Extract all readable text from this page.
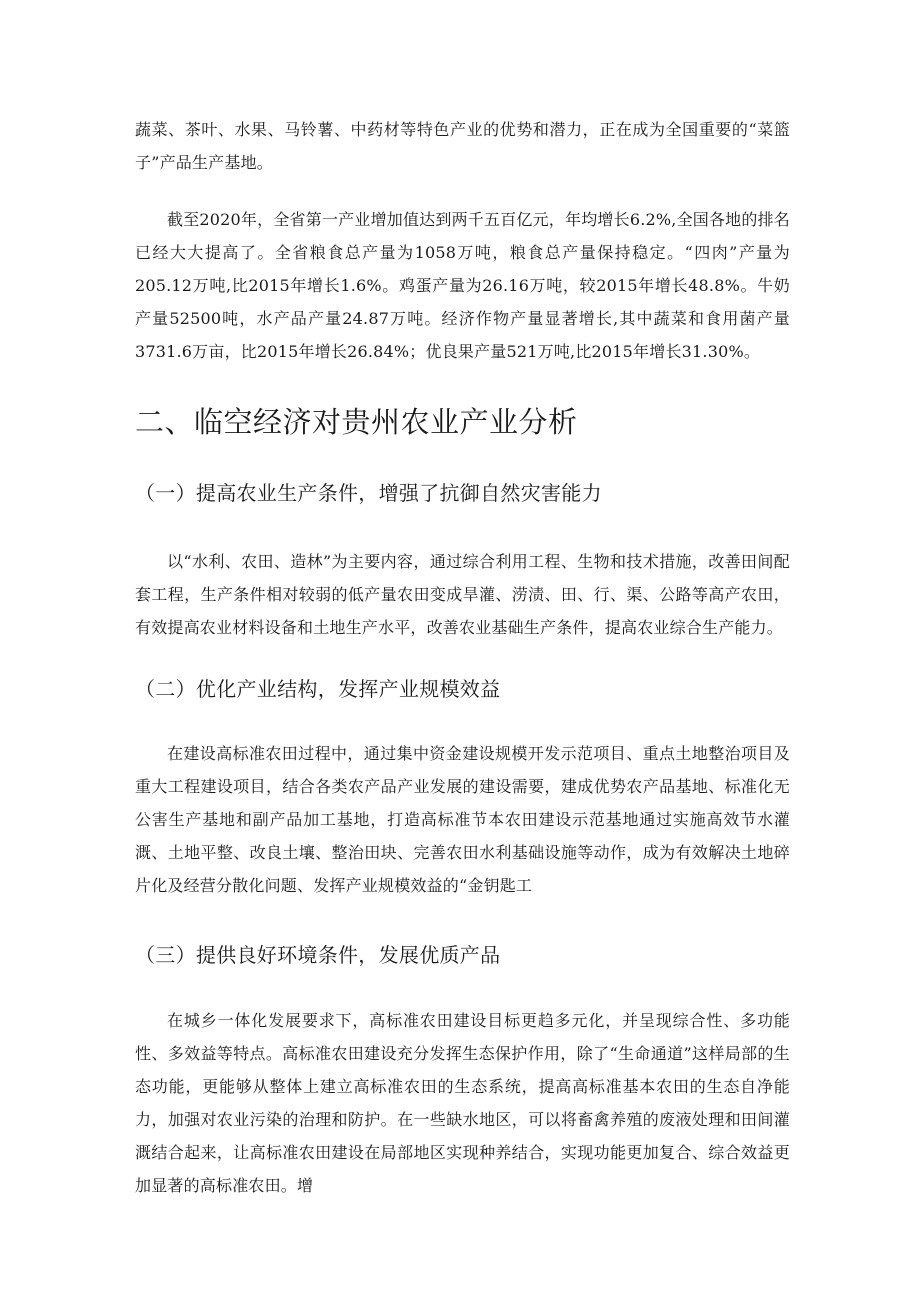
蔬菜、茶叶、水果、马铃薯、中药材等特色产业的优势和潜力，正在成为全国重要的“菜篮子”产品生产基地。

截至2020年，全省第一产业增加值达到两千五百亿元，年均增长6.2%,全国各地的排名已经大大提高了。全省粮食总产量为1058万吨，粮食总产量保持稳定。“四肉”产量为205.12万吨,比2015年增长1.6%。鸡蛋产量为26.16万吨，较2015年增长48.8%。牛奶产量52500吨，水产品产量24.87万吨。经济作物产量显著增长,其中蔬菜和食用菌产量3731.6万亩，比2015年增长26.84%；优良果产量521万吨,比2015年增长31.30%。

二、临空经济对贵州农业产业分析
（一）提高农业生产条件，增强了抗御自然灾害能力

以“水利、农田、造林”为主要内容，通过综合利用工程、生物和技术措施，改善田间配套工程，生产条件相对较弱的低产量农田变成旱灌、涝渍、田、行、渠、公路等高产农田，有效提高农业材料设备和土地生产水平，改善农业基础生产条件，提高农业综合生产能力。

（二）优化产业结构，发挥产业规模效益

在建设高标准农田过程中，通过集中资金建设规模开发示范项目、重点土地整治项目及重大工程建设项目，结合各类农产品产业发展的建设需要，建成优势农产品基地、标准化无公害生产基地和副产品加工基地，打造高标准节本农田建设示范基地通过实施高效节水灌溉、土地平整、改良土壤、整治田块、完善农田水利基础设施等动作，成为有效解决土地碎片化及经营分散化问题、发挥产业规模效益的“金钥匙工

（三）提供良好环境条件，发展优质产品

在城乡一体化发展要求下，高标准农田建设目标更趋多元化，并呈现综合性、多功能性、多效益等特点。高标准农田建设充分发挥生态保护作用，除了“生命通道”这样局部的生态功能，更能够从整体上建立高标准农田的生态系统，提高高标准基本农田的生态自净能力，加强对农业污染的治理和防护。在一些缺水地区，可以将畜禽养殖的废液处理和田间灌溉结合起来，让高标准农田建设在局部地区实现种养结合，实现功能更加复合、综合效益更加显著的高标准农田。增
